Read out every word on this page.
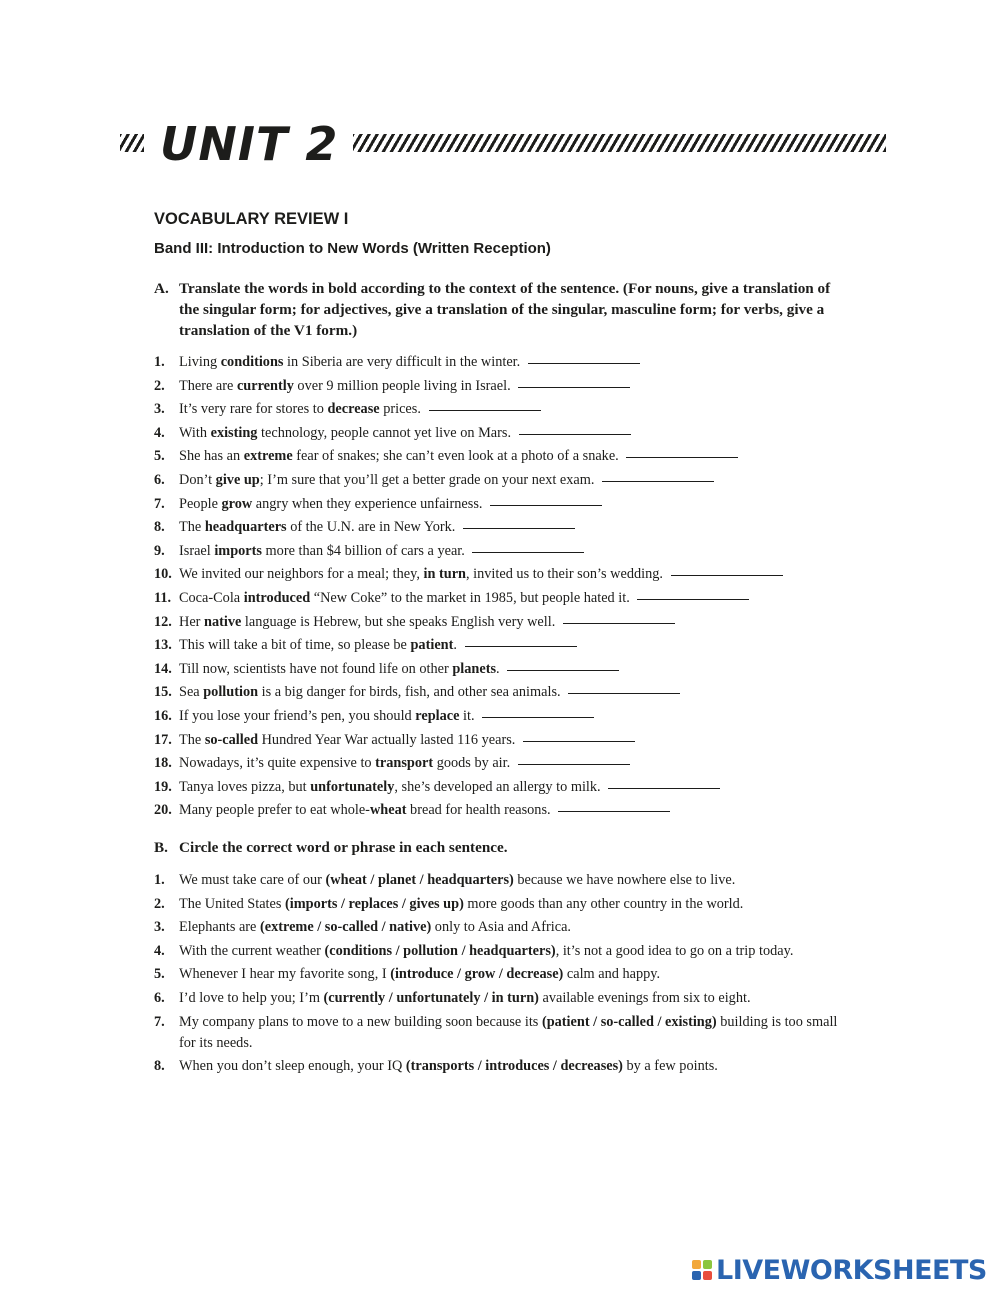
UNIT 2
VOCABULARY REVIEW I
Band III: Introduction to New Words (Written Reception)
A. Translate the words in bold according to the context of the sentence. (For nouns, give a translation of the singular form; for adjectives, give a translation of the singular, masculine form; for verbs, give a translation of the V1 form.)
1. Living conditions in Siberia are very difficult in the winter.
2. There are currently over 9 million people living in Israel.
3. It’s very rare for stores to decrease prices.
4. With existing technology, people cannot yet live on Mars.
5. She has an extreme fear of snakes; she can’t even look at a photo of a snake.
6. Don’t give up; I’m sure that you’ll get a better grade on your next exam.
7. People grow angry when they experience unfairness.
8. The headquarters of the U.N. are in New York.
9. Israel imports more than $4 billion of cars a year.
10. We invited our neighbors for a meal; they, in turn, invited us to their son’s wedding.
11. Coca-Cola introduced “New Coke” to the market in 1985, but people hated it.
12. Her native language is Hebrew, but she speaks English very well.
13. This will take a bit of time, so please be patient.
14. Till now, scientists have not found life on other planets.
15. Sea pollution is a big danger for birds, fish, and other sea animals.
16. If you lose your friend’s pen, you should replace it.
17. The so-called Hundred Year War actually lasted 116 years.
18. Nowadays, it’s quite expensive to transport goods by air.
19. Tanya loves pizza, but unfortunately, she’s developed an allergy to milk.
20. Many people prefer to eat whole-wheat bread for health reasons.
B. Circle the correct word or phrase in each sentence.
1. We must take care of our (wheat / planet / headquarters) because we have nowhere else to live.
2. The United States (imports / replaces / gives up) more goods than any other country in the world.
3. Elephants are (extreme / so-called / native) only to Asia and Africa.
4. With the current weather (conditions / pollution / headquarters), it’s not a good idea to go on a trip today.
5. Whenever I hear my favorite song, I (introduce / grow / decrease) calm and happy.
6. I’d love to help you; I’m (currently / unfortunately / in turn) available evenings from six to eight.
7. My company plans to move to a new building soon because its (patient / so-called / existing) building is too small for its needs.
8. When you don’t sleep enough, your IQ (transports / introduces / decreases) by a few points.
LIVEWORKSHEETS
